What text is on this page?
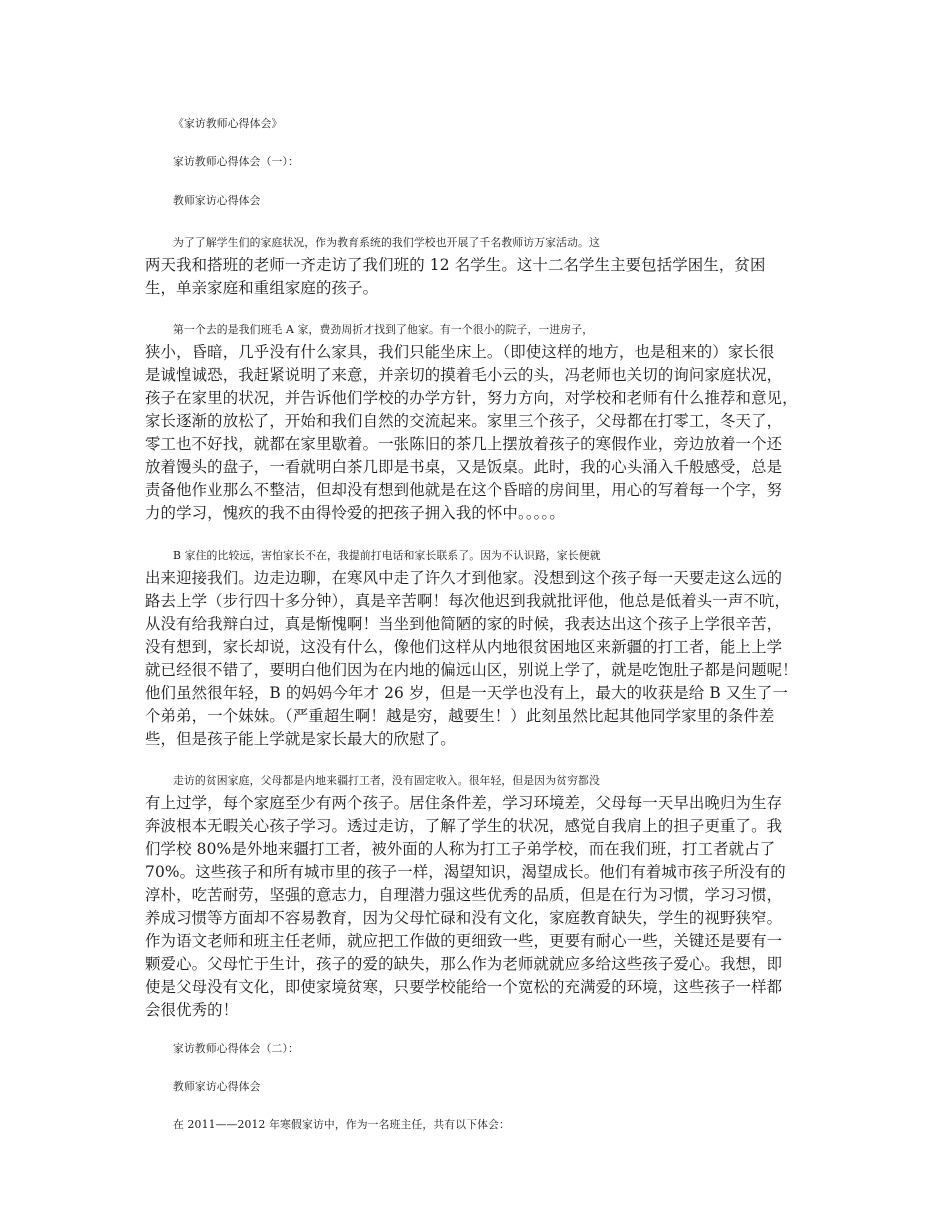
《家访教师心得体会》
家访教师心得体会（一）：
教师家访心得体会
为了了解学生们的家庭状况，作为教育系统的我们学校也开展了千名教师访万家活动。这
两天我和搭班的老师一齐走访了我们班的 12 名学生。这十二名学生主要包括学困生，贫困
生，单亲家庭和重组家庭的孩子。
第一个去的是我们班毛 A 家，费劲周折才找到了他家。有一个很小的院子，一进房子，
狭小，昏暗，几乎没有什么家具，我们只能坐床上。（即使这样的地方，也是租来的）家长很
是诚惶诚恐，我赶紧说明了来意，并亲切的摸着毛小云的头，冯老师也关切的询问家庭状况，
孩子在家里的状况，并告诉他们学校的办学方针，努力方向，对学校和老师有什么推荐和意见，
家长逐渐的放松了，开始和我们自然的交流起来。家里三个孩子，父母都在打零工，冬天了，
零工也不好找，就都在家里歇着。一张陈旧的茶几上摆放着孩子的寒假作业，旁边放着一个还
放着馒头的盘子，一看就明白茶几即是书桌，又是饭桌。此时，我的心头涌入千般感受，总是
责备他作业那么不整洁，但却没有想到他就是在这个昏暗的房间里，用心的写着每一个字，努
力的学习，愧疚的我不由得怜爱的把孩子拥入我的怀中。。。。。
B 家住的比较远，害怕家长不在，我提前打电话和家长联系了。因为不认识路，家长便就
出来迎接我们。边走边聊，在寒风中走了许久才到他家。没想到这个孩子每一天要走这么远的
路去上学（步行四十多分钟），真是辛苦啊！每次他迟到我就批评他，他总是低着头一声不吭，
从没有给我辩白过，真是惭愧啊！当坐到他简陋的家的时候，我表达出这个孩子上学很辛苦，
没有想到，家长却说，这没有什么，像他们这样从内地很贫困地区来新疆的打工者，能上上学
就已经很不错了，要明白他们因为在内地的偏远山区，别说上学了，就是吃饱肚子都是问题呢！
他们虽然很年轻，B 的妈妈今年才 26 岁，但是一天学也没有上，最大的收获是给 B 又生了一
个弟弟，一个妹妹。（严重超生啊！越是穷，越要生！）此刻虽然比起其他同学家里的条件差
些，但是孩子能上学就是家长最大的欣慰了。
走访的贫困家庭，父母都是内地来疆打工者，没有固定收入。很年轻，但是因为贫穷都没
有上过学，每个家庭至少有两个孩子。居住条件差，学习环境差，父母每一天早出晚归为生存
奔波根本无暇关心孩子学习。透过走访，了解了学生的状况，感觉自我肩上的担子更重了。我
们学校 80%是外地来疆打工者，被外面的人称为打工子弟学校，而在我们班，打工者就占了
70%。这些孩子和所有城市里的孩子一样，渴望知识，渴望成长。他们有着城市孩子所没有的
淳朴，吃苦耐劳，坚强的意志力，自理潜力强这些优秀的品质，但是在行为习惯，学习习惯，
养成习惯等方面却不容易教育，因为父母忙碌和没有文化，家庭教育缺失，学生的视野狭窄。
作为语文老师和班主任老师，就应把工作做的更细致一些，更要有耐心一些，关键还是要有一
颗爱心。父母忙于生计，孩子的爱的缺失，那么作为老师就就应多给这些孩子爱心。我想，即
使是父母没有文化，即使家境贫寒，只要学校能给一个宽松的充满爱的环境，这些孩子一样都
会很优秀的！
家访教师心得体会（二）：
教师家访心得体会
在 2011——2012 年寒假家访中，作为一名班主任，共有以下体会：
